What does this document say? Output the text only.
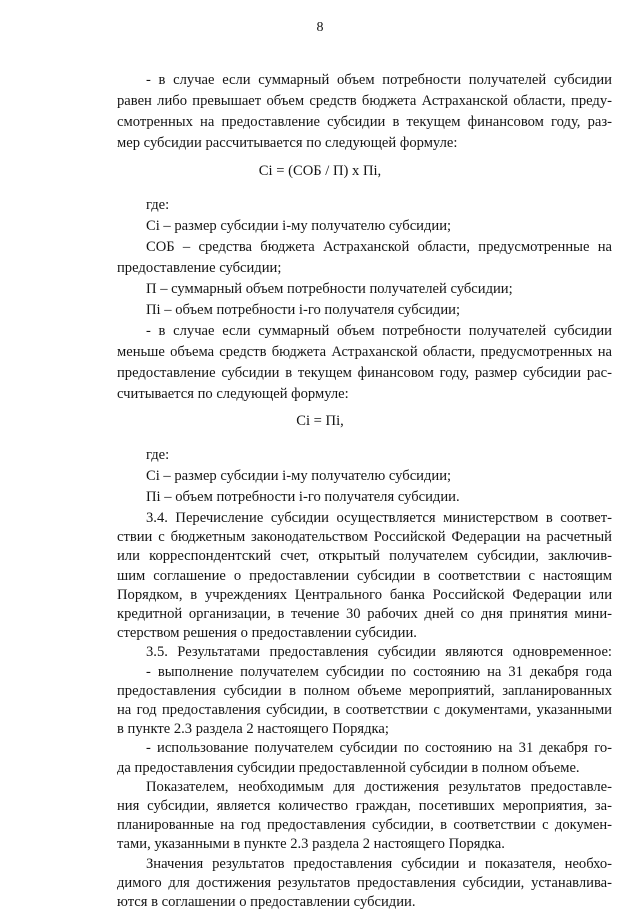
8
- в случае если суммарный объем потребности получателей субсидии
равен либо превышает объем средств бюджета Астраханской области, преду-
смотренных на предоставление субсидии в текущем финансовом году, раз-
мер субсидии рассчитывается по следующей формуле:
Ci = (СОБ / П) x Пi,
где:
Ci – размер субсидии i-му получателю субсидии;
СОБ – средства бюджета Астраханской области, предусмотренные на
предоставление субсидии;
П – суммарный объем потребности получателей субсидии;
Пi – объем потребности i-го получателя субсидии;
- в случае если суммарный объем потребности получателей субсидии
меньше объема средств бюджета Астраханской области, предусмотренных на
предоставление субсидии в текущем финансовом году, размер субсидии рас-
считывается по следующей формуле:
Ci = Пi,
где:
Ci – размер субсидии i-му получателю субсидии;
Пi – объем потребности i-го получателя субсидии.
3.4. Перечисление субсидии осуществляется министерством в соответ-
ствии с бюджетным законодательством Российской Федерации на расчетный
или корреспондентский счет, открытый получателем субсидии, заключив-
шим соглашение о предоставлении субсидии в соответствии с настоящим
Порядком, в учреждениях Центрального банка Российской Федерации или
кредитной организации, в течение 30 рабочих дней со дня принятия мини-
стерством решения о предоставлении субсидии.
3.5. Результатами предоставления субсидии являются одновременное:
- выполнение получателем субсидии по состоянию на 31 декабря года
предоставления субсидии в полном объеме мероприятий, запланированных
на год предоставления субсидии, в соответствии с документами, указанными
в пункте 2.3 раздела 2 настоящего Порядка;
- использование получателем субсидии по состоянию на 31 декабря го-
да предоставления субсидии предоставленной субсидии в полном объеме.
Показателем, необходимым для достижения результатов предоставле-
ния субсидии, является количество граждан, посетивших мероприятия, за-
планированные на год предоставления субсидии, в соответствии с докумен-
тами, указанными в пункте 2.3 раздела 2 настоящего Порядка.
Значения результатов предоставления субсидии и показателя, необхо-
димого для достижения результатов предоставления субсидии, устанавлива-
ются в соглашении о предоставлении субсидии.
